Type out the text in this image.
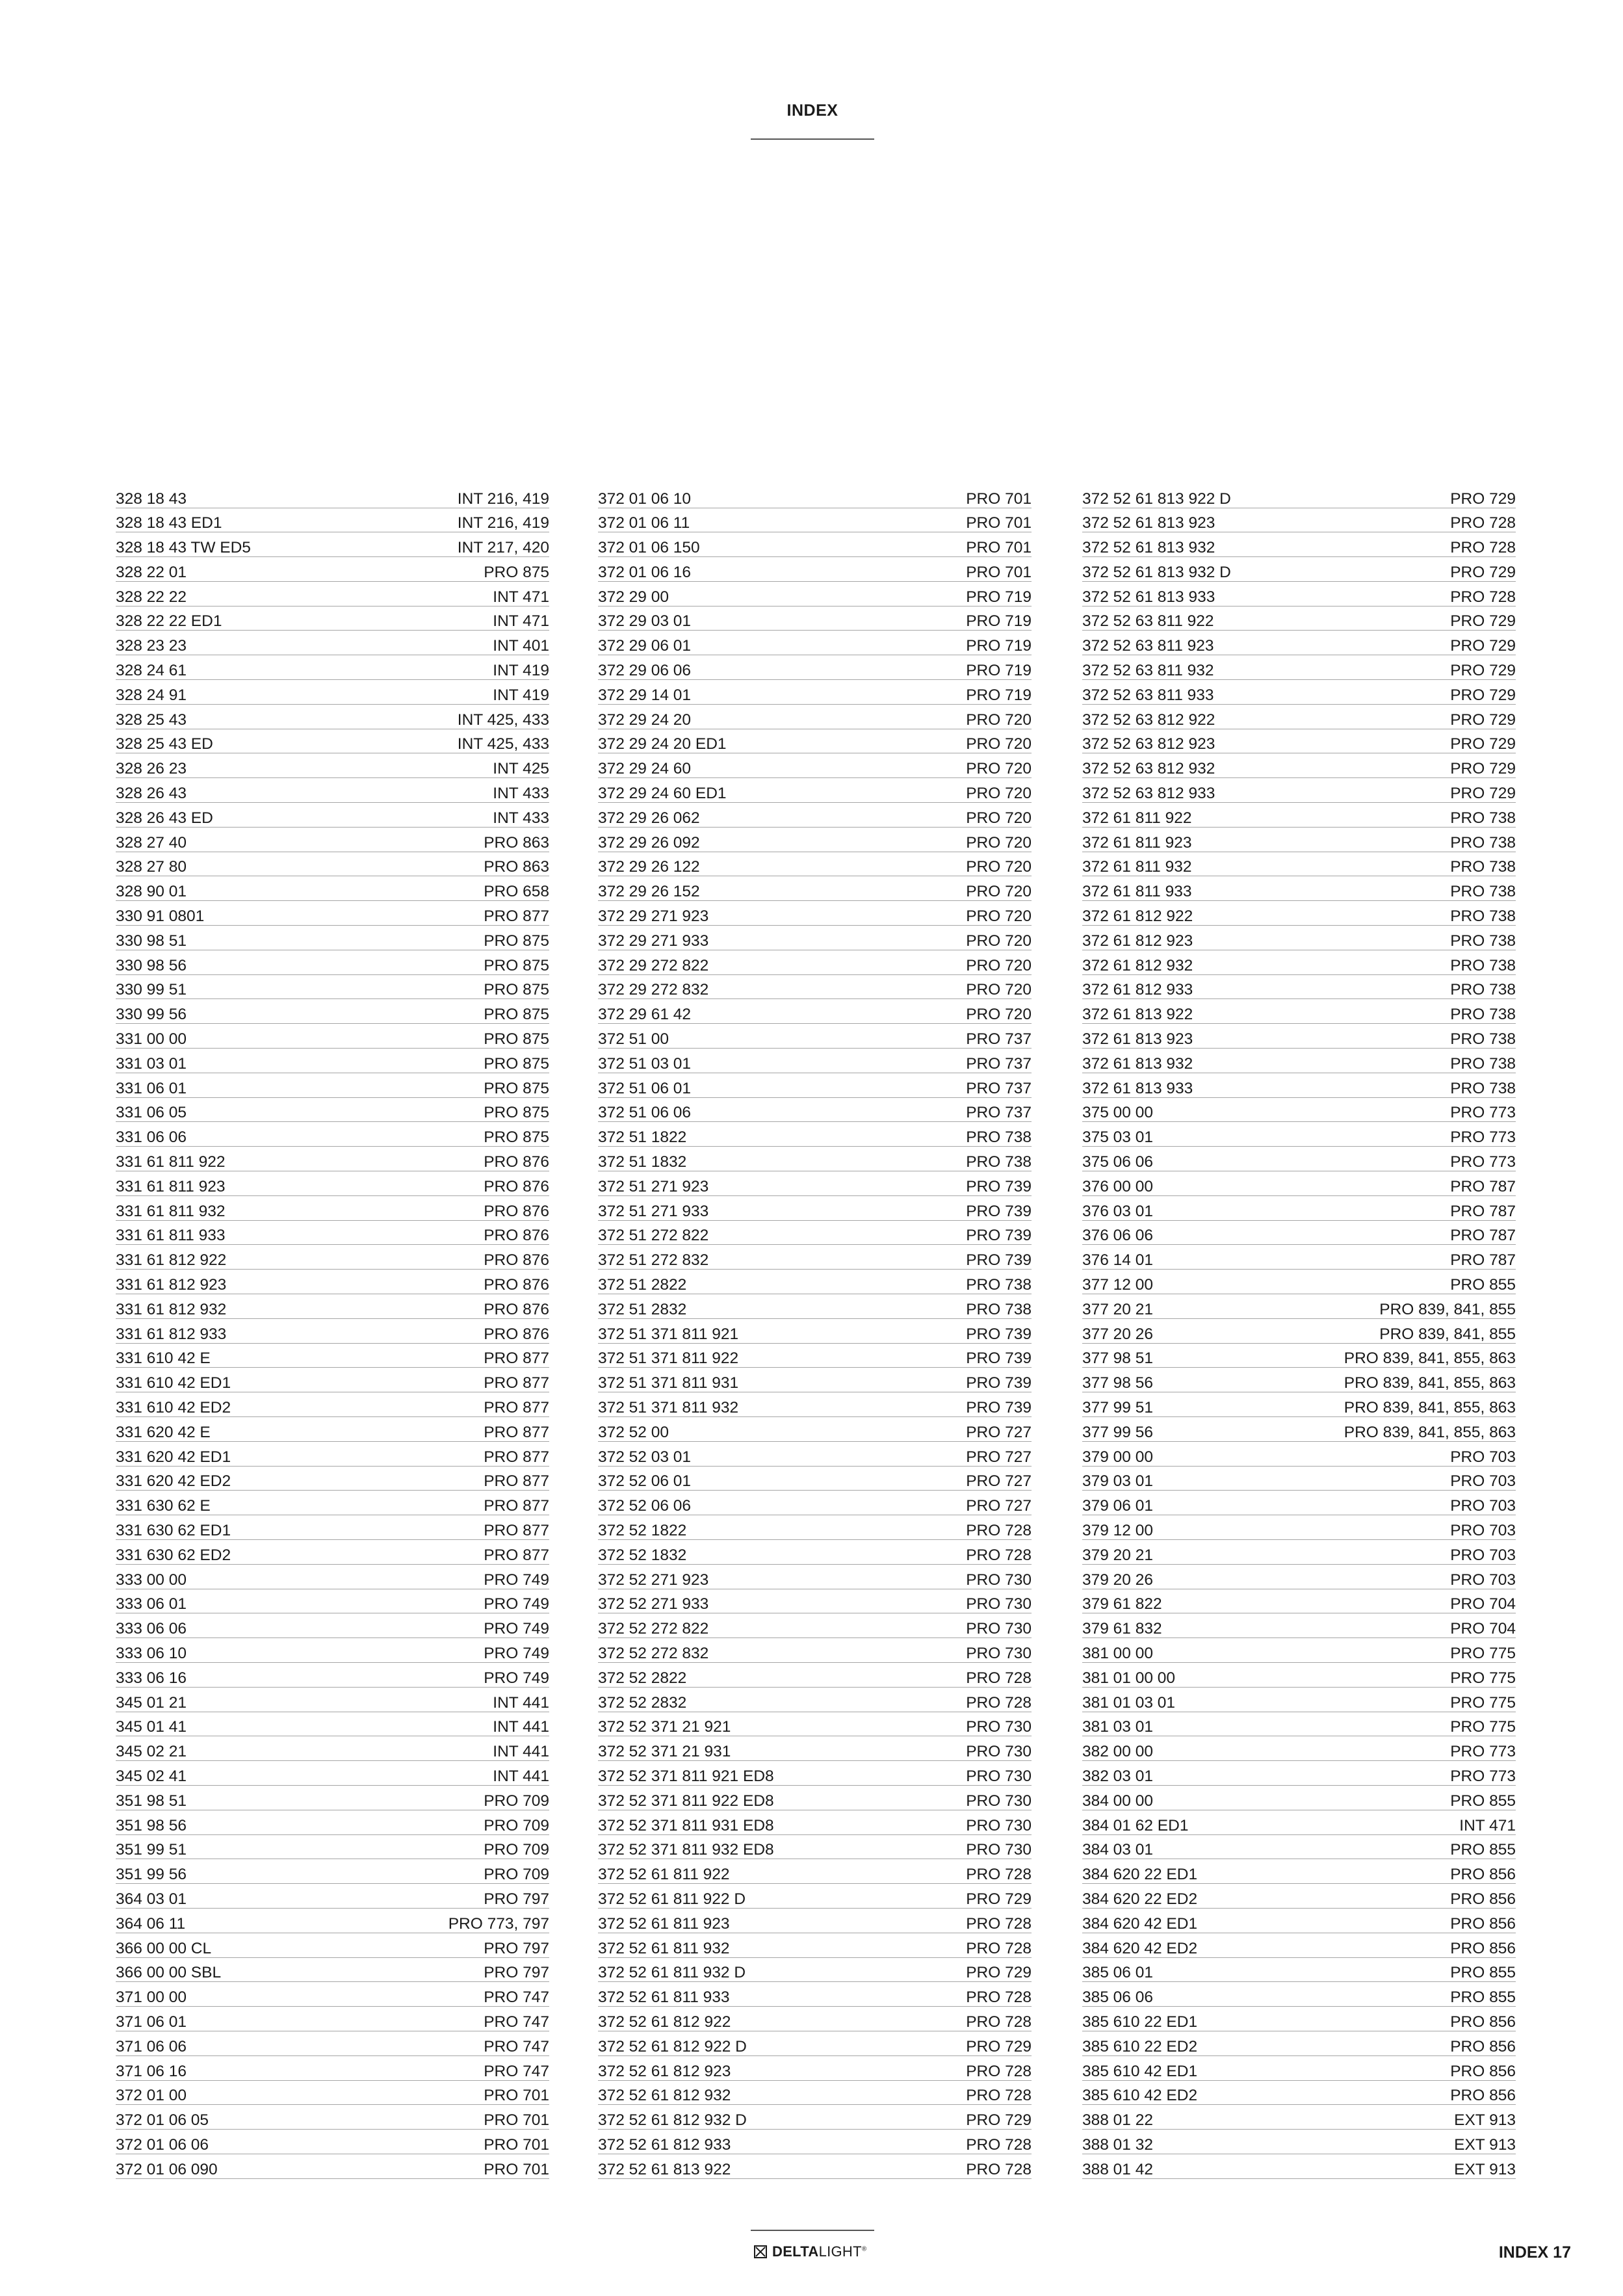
INDEX
328 18 43	INT 216, 419
328 18 43 ED1	INT 216, 419
328 18 43 TW ED5	INT 217, 420
328 22 01	PRO 875
328 22 22	INT 471
328 22 22 ED1	INT 471
328 23 23	INT 401
328 24 61	INT 419
328 24 91	INT 419
328 25 43	INT 425, 433
328 25 43 ED	INT 425, 433
328 26 23	INT 425
328 26 43	INT 433
328 26 43 ED	INT 433
328 27 40	PRO 863
328 27 80	PRO 863
328 90 01	PRO 658
330 91 0801	PRO 877
330 98 51	PRO 875
330 98 56	PRO 875
330 99 51	PRO 875
330 99 56	PRO 875
331 00 00	PRO 875
331 03 01	PRO 875
331 06 01	PRO 875
331 06 05	PRO 875
331 06 06	PRO 875
331 61 811 922	PRO 876
331 61 811 923	PRO 876
331 61 811 932	PRO 876
331 61 811 933	PRO 876
331 61 812 922	PRO 876
331 61 812 923	PRO 876
331 61 812 932	PRO 876
331 61 812 933	PRO 876
331 610 42 E	PRO 877
331 610 42 ED1	PRO 877
331 610 42 ED2	PRO 877
331 620 42 E	PRO 877
331 620 42 ED1	PRO 877
331 620 42 ED2	PRO 877
331 630 62 E	PRO 877
331 630 62 ED1	PRO 877
331 630 62 ED2	PRO 877
333 00 00	PRO 749
333 06 01	PRO 749
333 06 06	PRO 749
333 06 10	PRO 749
333 06 16	PRO 749
345 01 21	INT 441
345 01 41	INT 441
345 02 21	INT 441
345 02 41	INT 441
351 98 51	PRO 709
351 98 56	PRO 709
351 99 51	PRO 709
351 99 56	PRO 709
364 03 01	PRO 797
364 06 11	PRO 773, 797
366 00 00 CL	PRO 797
366 00 00 SBL	PRO 797
371 00 00	PRO 747
371 06 01	PRO 747
371 06 06	PRO 747
371 06 16	PRO 747
372 01 00	PRO 701
372 01 06 05	PRO 701
372 01 06 06	PRO 701
372 01 06 090	PRO 701
372 01 06 10	PRO 701
372 01 06 11	PRO 701
372 01 06 150	PRO 701
372 01 06 16	PRO 701
372 29 00	PRO 719
372 29 03 01	PRO 719
372 29 06 01	PRO 719
372 29 06 06	PRO 719
372 29 14 01	PRO 719
372 29 24 20	PRO 720
372 29 24 20 ED1	PRO 720
372 29 24 60	PRO 720
372 29 24 60 ED1	PRO 720
372 29 26 062	PRO 720
372 29 26 092	PRO 720
372 29 26 122	PRO 720
372 29 26 152	PRO 720
372 29 271 923	PRO 720
372 29 271 933	PRO 720
372 29 272 822	PRO 720
372 29 272 832	PRO 720
372 29 61 42	PRO 720
372 51 00	PRO 737
372 51 03 01	PRO 737
372 51 06 01	PRO 737
372 51 06 06	PRO 737
372 51 1822	PRO 738
372 51 1832	PRO 738
372 51 271 923	PRO 739
372 51 271 933	PRO 739
372 51 272 822	PRO 739
372 51 272 832	PRO 739
372 51 2822	PRO 738
372 51 2832	PRO 738
372 51 371 811 921	PRO 739
372 51 371 811 922	PRO 739
372 51 371 811 931	PRO 739
372 51 371 811 932	PRO 739
372 52 00	PRO 727
372 52 03 01	PRO 727
372 52 06 01	PRO 727
372 52 06 06	PRO 727
372 52 1822	PRO 728
372 52 1832	PRO 728
372 52 271 923	PRO 730
372 52 271 933	PRO 730
372 52 272 822	PRO 730
372 52 272 832	PRO 730
372 52 2822	PRO 728
372 52 2832	PRO 728
372 52 371 21 921	PRO 730
372 52 371 21 931	PRO 730
372 52 371 811 921 ED8	PRO 730
372 52 371 811 922 ED8	PRO 730
372 52 371 811 931 ED8	PRO 730
372 52 371 811 932 ED8	PRO 730
372 52 61 811 922	PRO 728
372 52 61 811 922 D	PRO 729
372 52 61 811 923	PRO 728
372 52 61 811 932	PRO 728
372 52 61 811 932 D	PRO 729
372 52 61 811 933	PRO 728
372 52 61 812 922	PRO 728
372 52 61 812 922 D	PRO 729
372 52 61 812 923	PRO 728
372 52 61 812 932	PRO 728
372 52 61 812 932 D	PRO 729
372 52 61 812 933	PRO 728
372 52 61 813 922	PRO 728
372 52 61 813 922 D	PRO 729
372 52 61 813 923	PRO 728
372 52 61 813 932	PRO 728
372 52 61 813 932 D	PRO 729
372 52 61 813 933	PRO 728
372 52 63 811 922	PRO 729
372 52 63 811 923	PRO 729
372 52 63 811 932	PRO 729
372 52 63 811 933	PRO 729
372 52 63 812 922	PRO 729
372 52 63 812 923	PRO 729
372 52 63 812 932	PRO 729
372 52 63 812 933	PRO 729
372 61 811 922	PRO 738
372 61 811 923	PRO 738
372 61 811 932	PRO 738
372 61 811 933	PRO 738
372 61 812 922	PRO 738
372 61 812 923	PRO 738
372 61 812 932	PRO 738
372 61 812 933	PRO 738
372 61 813 922	PRO 738
372 61 813 923	PRO 738
372 61 813 932	PRO 738
372 61 813 933	PRO 738
375 00 00	PRO 773
375 03 01	PRO 773
375 06 06	PRO 773
376 00 00	PRO 787
376 03 01	PRO 787
376 06 06	PRO 787
376 14 01	PRO 787
377 12 00	PRO 855
377 20 21	PRO 839, 841, 855
377 20 26	PRO 839, 841, 855
377 98 51	PRO 839, 841, 855, 863
377 98 56	PRO 839, 841, 855, 863
377 99 51	PRO 839, 841, 855, 863
377 99 56	PRO 839, 841, 855, 863
379 00 00	PRO 703
379 03 01	PRO 703
379 06 01	PRO 703
379 12 00	PRO 703
379 20 21	PRO 703
379 20 26	PRO 703
379 61 822	PRO 704
379 61 832	PRO 704
381 00 00	PRO 775
381 01 00 00	PRO 775
381 01 03 01	PRO 775
381 03 01	PRO 775
382 00 00	PRO 773
382 03 01	PRO 773
384 00 00	PRO 855
384 01 62 ED1	INT 471
384 03 01	PRO 855
384 620 22 ED1	PRO 856
384 620 22 ED2	PRO 856
384 620 42 ED1	PRO 856
384 620 42 ED2	PRO 856
385 06 01	PRO 855
385 06 06	PRO 855
385 610 22 ED1	PRO 856
385 610 22 ED2	PRO 856
385 610 42 ED1	PRO 856
385 610 42 ED2	PRO 856
388 01 22	EXT 913
388 01 32	EXT 913
388 01 42	EXT 913
DELTALIGHT®	INDEX 17
